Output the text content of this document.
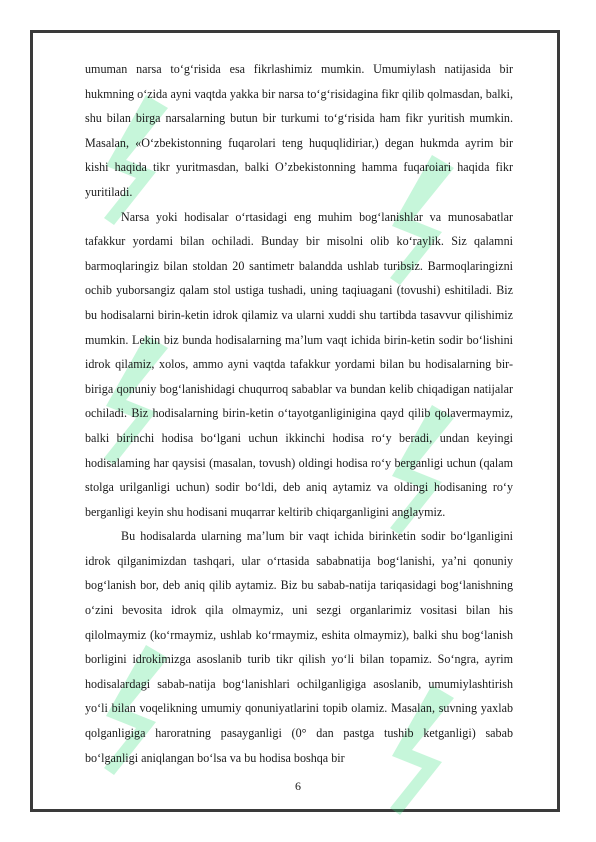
umuman narsa to‘g‘risida esa fikrlashimiz mumkin. Umumiylash natijasida bir hukmning o‘zida ayni vaqtda yakka bir narsa to‘g‘risidagina fikr qilib qolmasdan, balki, shu bilan birga narsalarning butun bir turkumi to‘g‘risida ham fikr yuritish mumkin. Masalan, «O‘zbekistonning fuqarolari teng huquqlidiriar,) degan hukmda ayrim bir kishi haqida tikr yuritmasdan, balki O’zbekistonning hamma fuqaroiari haqida fikr yuritiladi.

Narsa yoki hodisalar o‘rtasidagi eng muhim bog‘lanishlar va munosabatlar tafakkur yordami bilan ochiladi. Bunday bir misolni olib ko‘raylik. Siz qalamni barmoqlaringiz bilan stoldan 20 santimetr balandda ushlab turibsiz. Barmoqlaringizni ochib yuborsangiz qalam stol ustiga tushadi, uning taqiuagani (tovushi) eshitiladi. Biz bu hodisalarni birin-ketin idrok qilamiz va ularni xuddi shu tartibda tasavvur qilishimiz mumkin. Lekin biz bunda hodisalarning ma’lum vaqt ichida birin-ketin sodir bo‘lishini idrok qilamiz, xolos, ammo ayni vaqtda tafakkur yordami bilan bu hodisalarning bir-biriga qonuniy bog‘lanishidagi chuqurroq sabablar va bundan kelib chiqadigan natijalar ochiladi. Biz hodisalarning birin-ketin o‘tayotganliginigina qayd qilib qolavermaymiz, balki birinchi hodisa bo‘lgani uchun ikkinchi hodisa ro‘y beradi, undan keyingi hodisalaming har qaysisi (masalan, tovush) oldingi hodisa ro‘y berganligi uchun (qalam stolga urilganligi uchun) sodir bo‘ldi, deb aniq aytamiz va oldingi hodisaning ro‘y berganligi keyin shu hodisani muqarrar keltirib chiqarganligini anglaymiz.

Bu hodisalarda ularning ma’lum bir vaqt ichida birinketin sodir bo‘lganligini idrok qilganimizdan tashqari, ular o‘rtasida sababnatija bog‘lanishi, ya’ni qonuniy bog‘lanish bor, deb aniq qilib aytamiz. Biz bu sabab-natija tariqasidagi bog‘lanishning o‘zini bevosita idrok qila olmaymiz, uni sezgi organlarimiz vositasi bilan his qilolmaymiz (ko‘rmaymiz, ushlab ko‘rmaymiz, eshita olmaymiz), balki shu bog‘lanish borligini idrokimizga asoslanib turib tikr qilish yo‘li bilan topamiz. So‘ngra, ayrim hodisalardagi sabab-natija bog‘lanishlari ochilganligiga asoslanib, umumiylashtirish yo‘li bilan voqelikning umumiy qonuniyatlarini topib olamiz. Masalan, suvning yaxlab qolganligiga haroratning pasayganligi (0° dan pastga tushib ketganligi) sabab bo‘lganligi aniqlangan bo‘lsa va bu hodisa boshqa bir

6
